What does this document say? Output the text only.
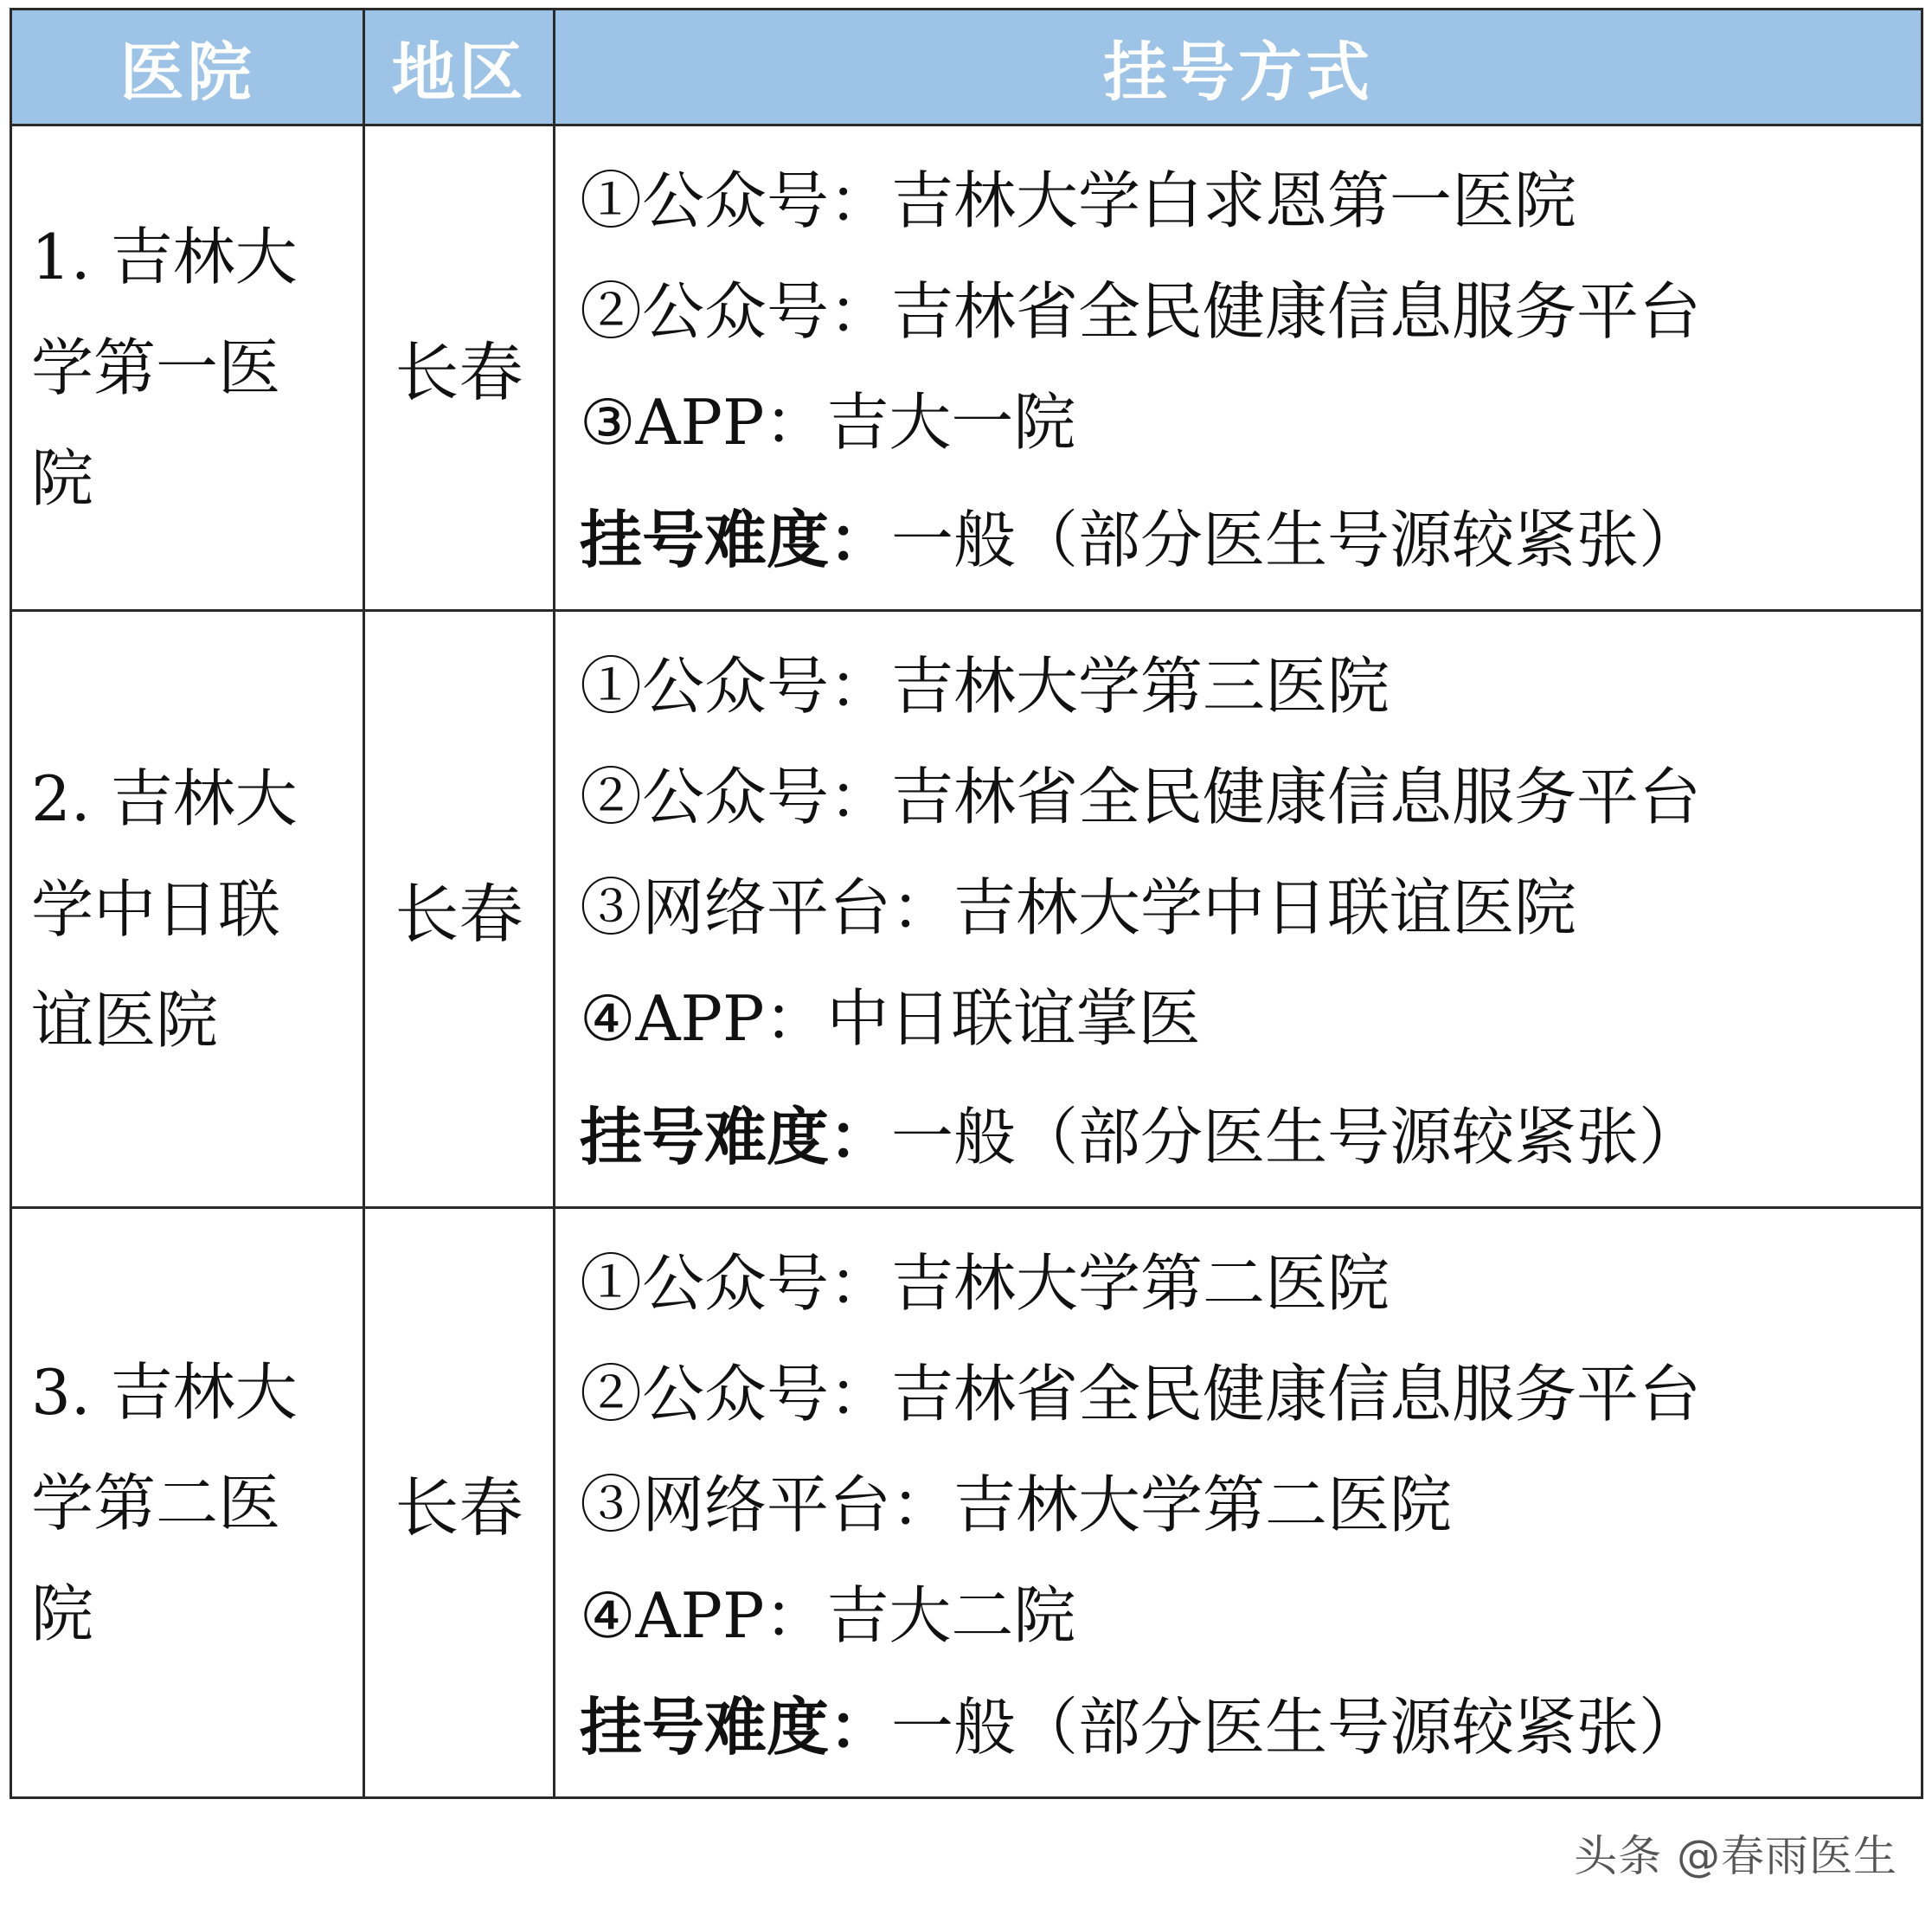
医院	地区	挂号方式
1. 吉林大学第一医院
长春
①公众号：吉林大学白求恩第一医院
②公众号：吉林省全民健康信息服务平台
③APP：吉大一院
挂号难度：一般（部分医生号源较紧张）
2. 吉林大学中日联谊医院
长春
①公众号：吉林大学第三医院
②公众号：吉林省全民健康信息服务平台
③网络平台：吉林大学中日联谊医院
④APP：中日联谊掌医
挂号难度：一般（部分医生号源较紧张）
3. 吉林大学第二医院
长春
①公众号：吉林大学第二医院
②公众号：吉林省全民健康信息服务平台
③网络平台：吉林大学第二医院
④APP：吉大二院
挂号难度：一般（部分医生号源较紧张）
头条 @春雨医生
